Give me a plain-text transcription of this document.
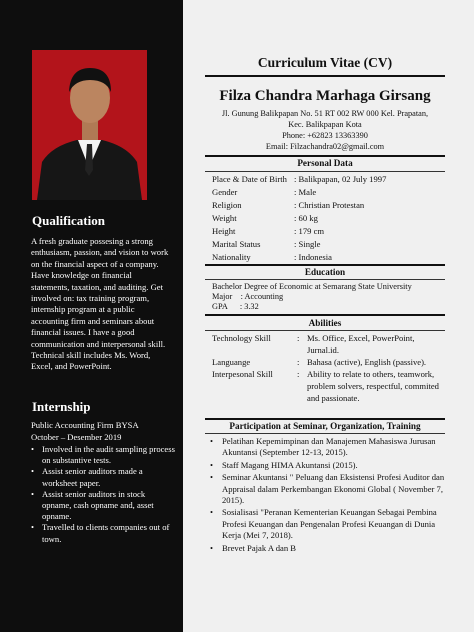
Qualification
A fresh graduate possesing a strong enthusiasm, passion, and vision to work on the financial aspect of a company. Have knowledge on financial statements, taxation, and auditing. Get involved on: tax training program, internship program at a public accounting firm and seminars about financial issues. I have a good communication and interpersonal skill. Technical skill includes Ms. Word, Excel, and PowerPoint.
Internship
Public Accounting Firm BYSA
October – Desember 2019
• Involved in the audit sampling process on substantive tests.
• Assist senior auditors made a worksheet paper.
• Assist senior auditors in stock opname, cash opname and, asset opname.
• Travelled to clients companies out of town.
Curriculum Vitae (CV)
Filza Chandra Marhaga Girsang
Jl. Gunung Balikpapan No. 51 RT 002 RW 000 Kel. Prapatan,
Kec. Balikpapan Kota
Phone: +62823 13363390
Email: Filzachandra02@gmail.com
Personal Data
Place & Date of Birth : Balikpapan, 02 July 1997
Gender	: Male
Religion	: Christian Protestan
Weight	: 60 kg
Height	: 179 cm
Marital Status	: Single
Nationality	: Indonesia
Education
Bachelor Degree of Economic at Semarang State University
Major    : Accounting
GPA      : 3.32
Abilities
Technology Skill	: Ms. Office, Excel, PowerPoint, Jurnal.id.
Languange	: Bahasa (active), English (passive).
Interpesonal Skill	: Ability to relate to others, teamwork, problem solvers, respectful, commited and passionate.
Participation at Seminar, Organization, Training
• Pelatihan Kepemimpinan dan Manajemen Mahasiswa Jurusan Akuntansi (September 12-13, 2015).
• Staff Magang HIMA Akuntansi (2015).
• Seminar Akuntansi " Peluang dan Eksistensi Profesi Auditor dan Appraisal dalam Perkembangan Ekonomi Global ( November 7, 2015).
• Sosialisasi "Peranan Kementerian Keuangan Sebagai Pembina Profesi Keuangan dan Pengenalan Profesi Keuangan di Dunia Kerja (Mei 7, 2018).
• Brevet Pajak A dan B
